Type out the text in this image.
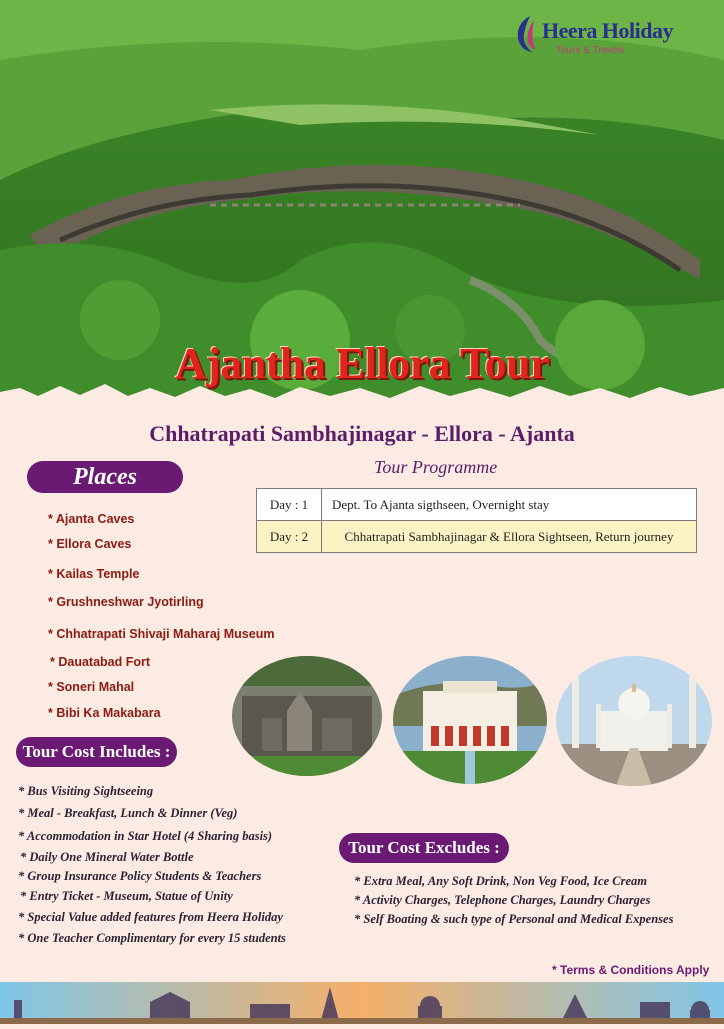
Heera Holiday
Tours & Travels
Ajantha Ellora Tour
Chhatrapati Sambhajinagar - Ellora - Ajanta
Places
* Ajanta Caves
* Ellora Caves
* Kailas Temple
* Grushneshwar Jyotirling
* Chhatrapati Shivaji Maharaj Museum
* Dauatabad Fort
* Soneri Mahal
* Bibi Ka Makabara
Tour Programme
Day : 1	Dept. To Ajanta sigthseen, Overnight stay
Day : 2	Chhatrapati Sambhajinagar & Ellora Sightseen, Return journey
Tour Cost Includes :
* Bus Visiting Sightseeing
* Meal - Breakfast, Lunch & Dinner (Veg)
* Accommodation in Star Hotel (4 Sharing basis)
* Daily One Mineral Water Bottle
* Group Insurance Policy Students & Teachers
* Entry Ticket - Museum, Statue of Unity
* Special Value added features from Heera Holiday
* One Teacher Complimentary for every 15 students
Tour Cost Excludes :
* Extra Meal, Any Soft Drink, Non Veg Food, Ice Cream
* Activity Charges, Telephone Charges, Laundry Charges
* Self Boating & such type of Personal and Medical Expenses
* Terms & Conditions Apply
